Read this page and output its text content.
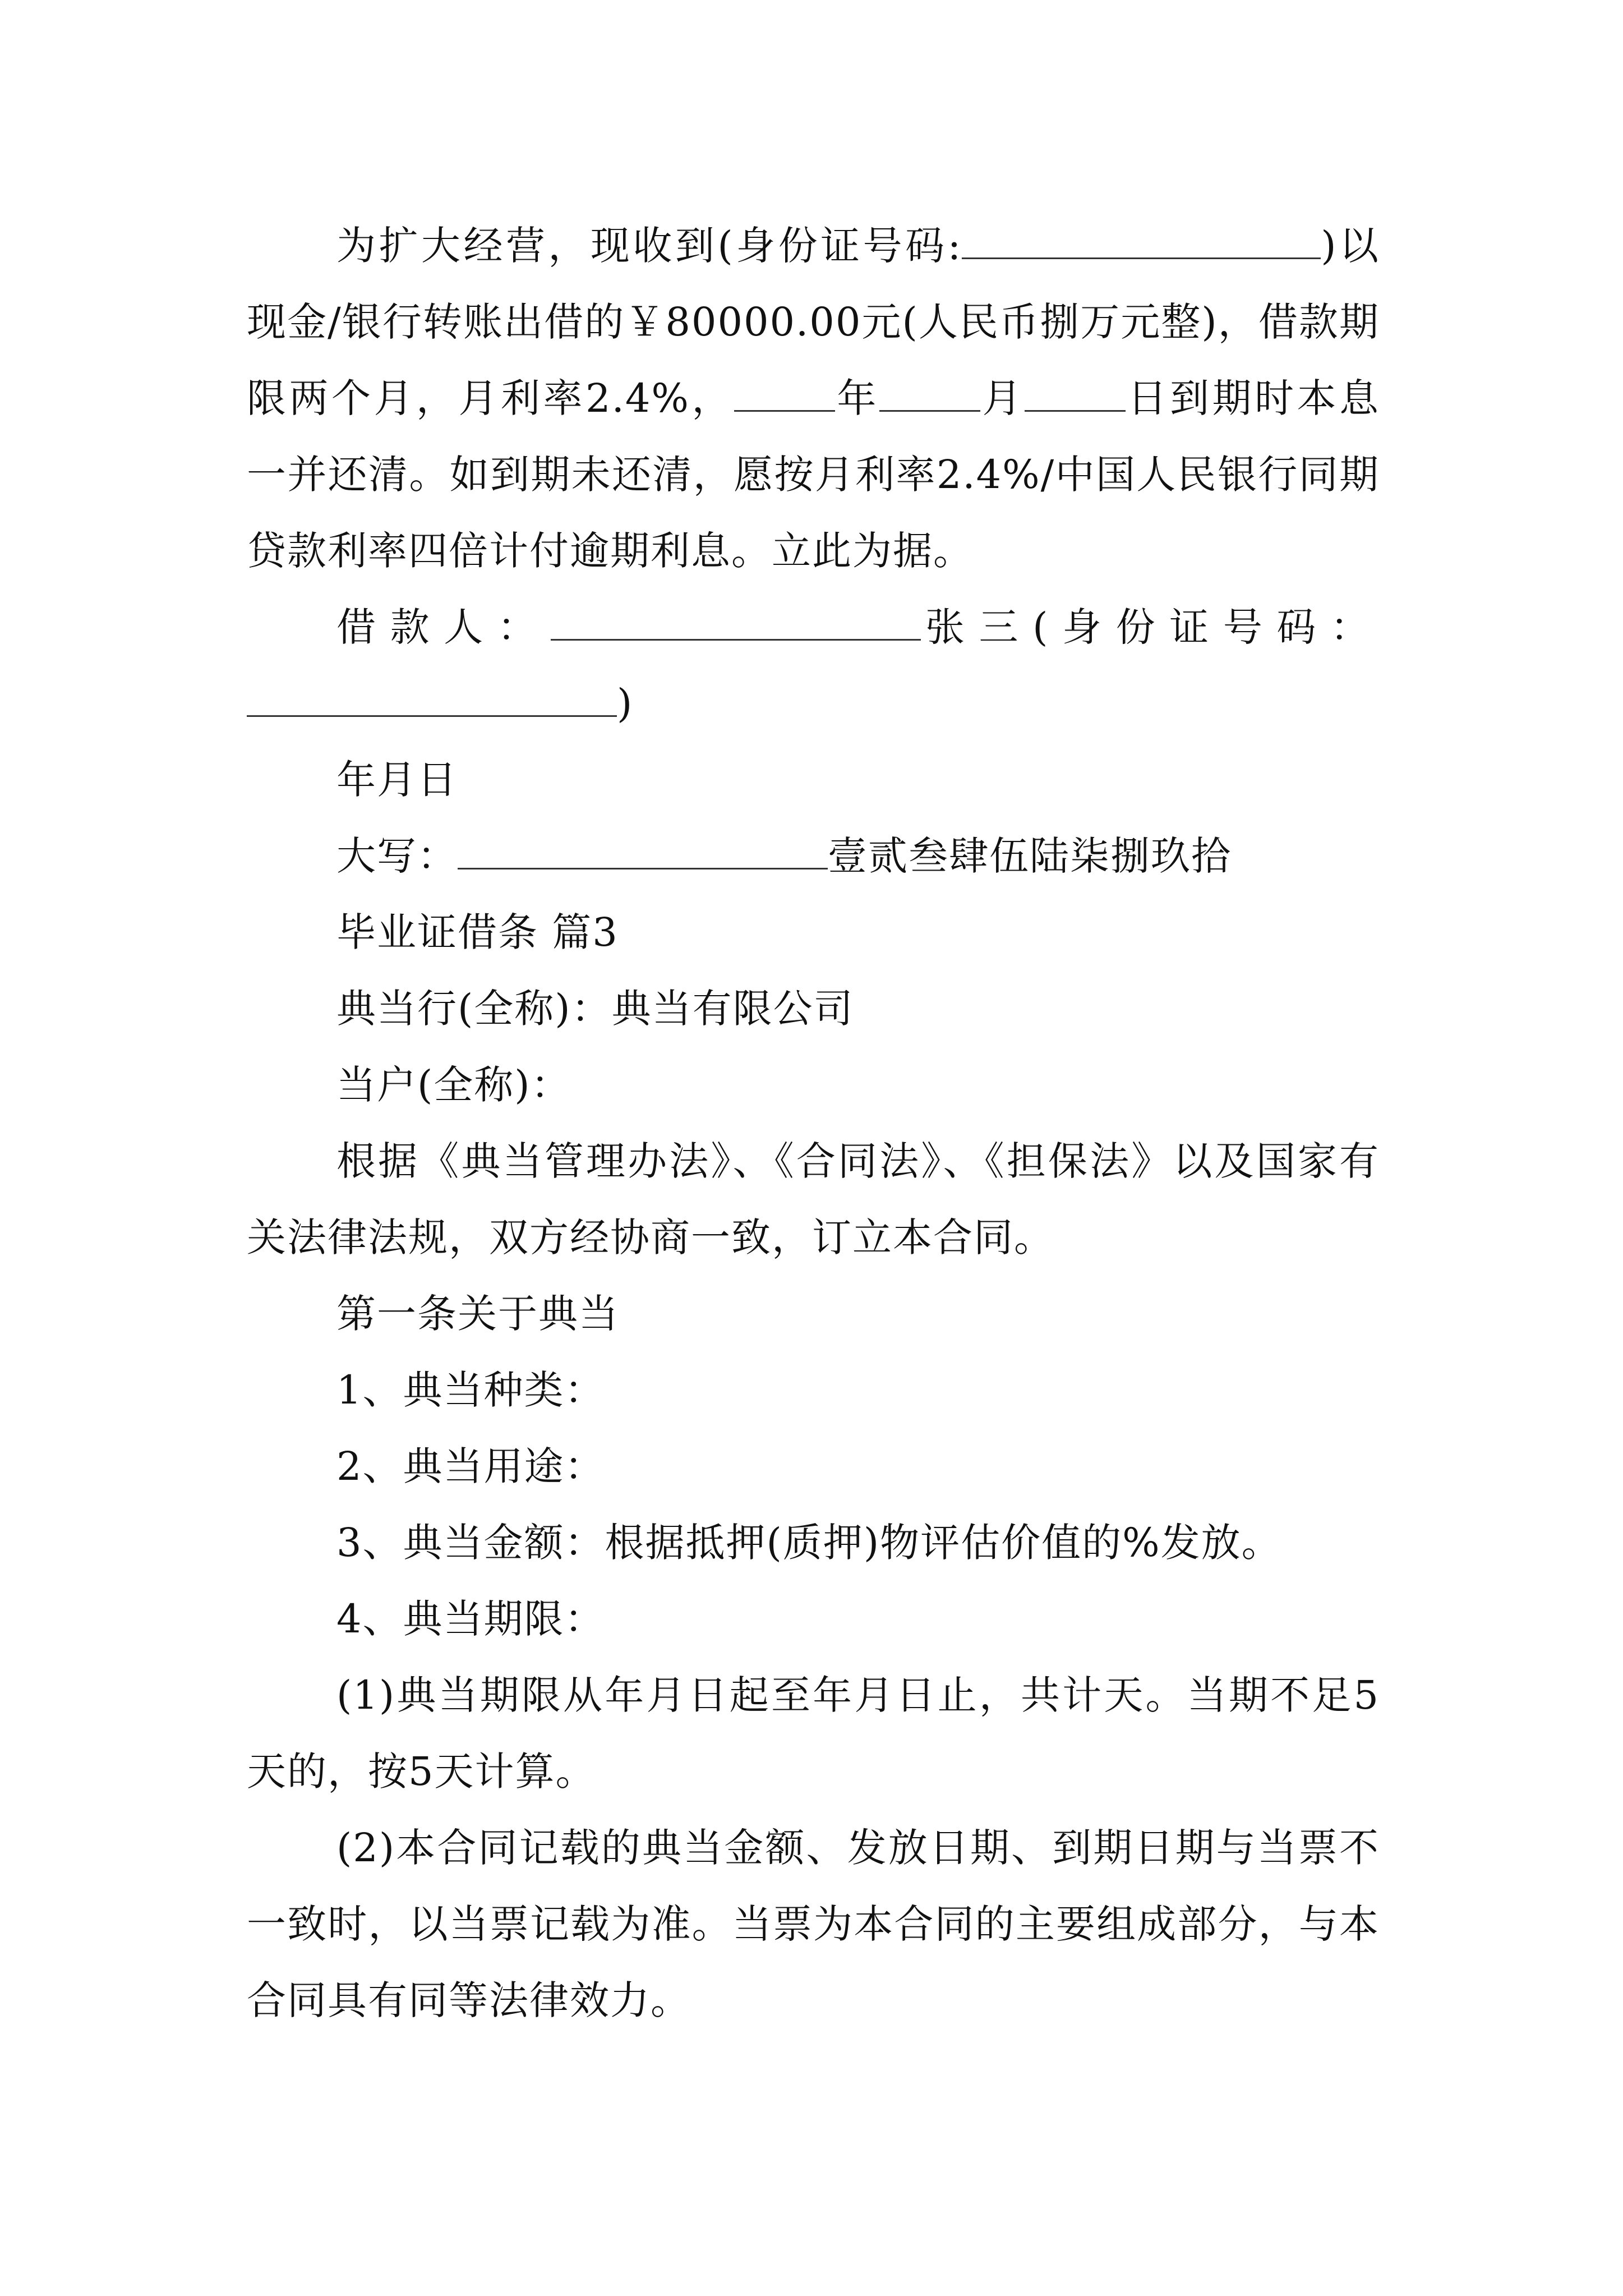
为扩大经营，现收到(身份证号码:	)以现金/银行转账出借的￥80000.00元(人民币捌万元整)，借款期限两个月，月利率2.4%，	年	月	日到期时本息一并还清。如到期未还清，愿按月利率2.4%/中国人民银行同期贷款利率四倍计付逾期利息。立此为据。

借款人：	张三(身份证号码：)

年月日

大写：	壹贰叁肆伍陆柒捌玖拾

毕业证借条 篇3

典当行(全称)：典当有限公司

当户(全称)：

根据《典当管理办法》、《合同法》、《担保法》以及国家有关法律法规，双方经协商一致，订立本合同。

第一条关于典当

1、典当种类：

2、典当用途：

3、典当金额：根据抵押(质押)物评估价值的%发放。

4、典当期限：

(1)典当期限从年月日起至年月日止，共计天。当期不足5天的，按5天计算。

(2)本合同记载的典当金额、发放日期、到期日期与当票不一致时，以当票记载为准。当票为本合同的主要组成部分，与本合同具有同等法律效力。
